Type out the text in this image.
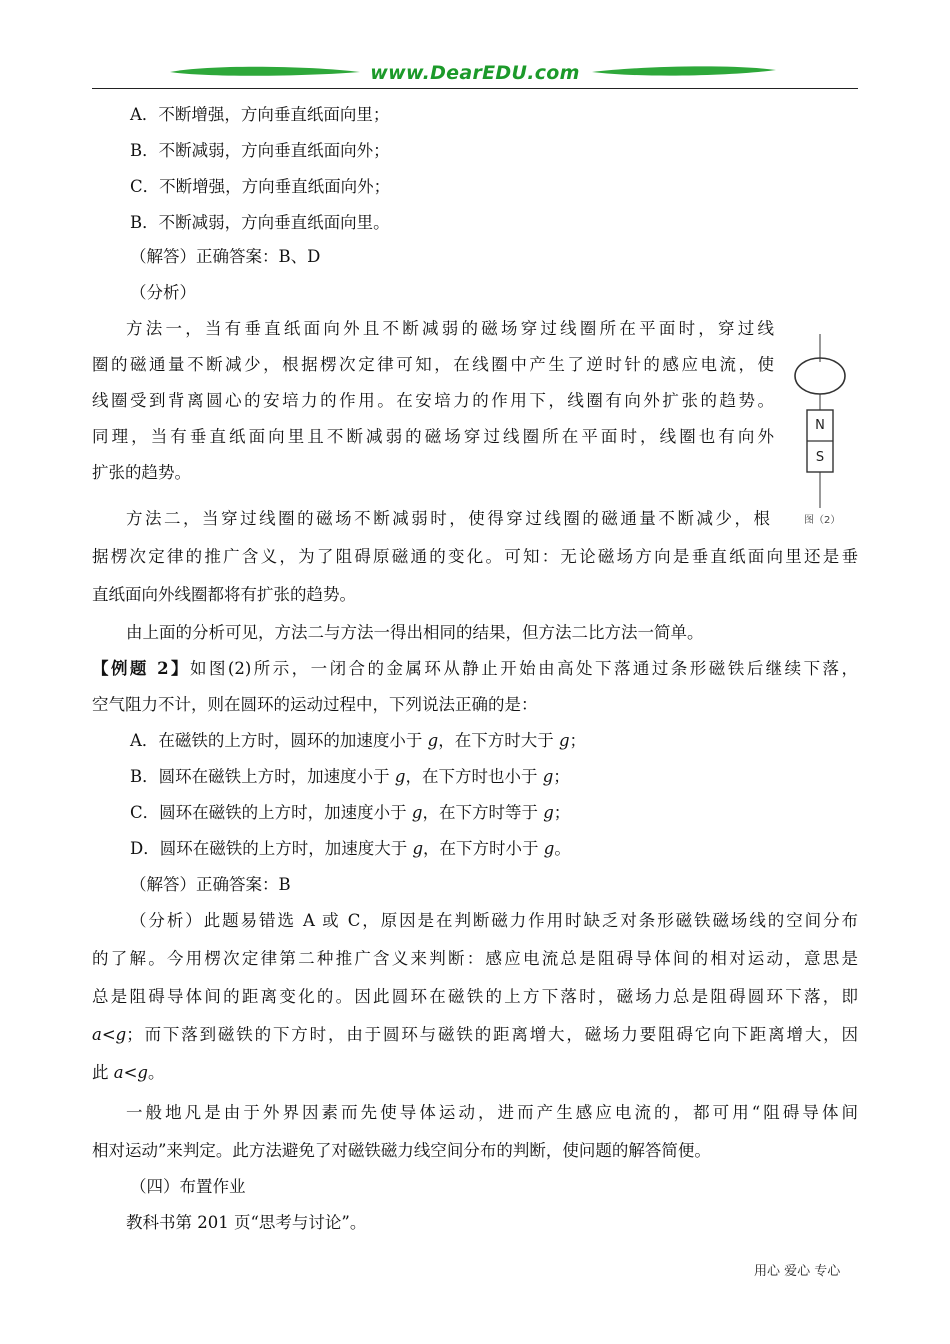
www.DearEDU.com
A．不断增强，方向垂直纸面向里；
B．不断减弱，方向垂直纸面向外；
C．不断增强，方向垂直纸面向外；
B．不断减弱，方向垂直纸面向里。
（解答）正确答案：B、D
（分析）
方法一，当有垂直纸面向外且不断减弱的磁场穿过线圈所在平面时，穿过线
圈的磁通量不断减少，根据楞次定律可知，在线圈中产生了逆时针的感应电流，使
线圈受到背离圆心的安培力的作用。在安培力的作用下，线圈有向外扩张的趋势。
同理，当有垂直纸面向里且不断减弱的磁场穿过线圈所在平面时，线圈也有向外
扩张的趋势。
方法二，当穿过线圈的磁场不断减弱时，使得穿过线圈的磁通量不断减少，根
据楞次定律的推广含义，为了阻碍原磁通的变化。可知：无论磁场方向是垂直纸面向里还是垂
直纸面向外线圈都将有扩张的趋势。
由上面的分析可见，方法二与方法一得出相同的结果，但方法二比方法一简单。
【例题 2】如图(2)所示，一闭合的金属环从静止开始由高处下落通过条形磁铁后继续下落，
空气阻力不计，则在圆环的运动过程中，下列说法正确的是：
A．在磁铁的上方时，圆环的加速度小于 g，在下方时大于 g；
B．圆环在磁铁上方时，加速度小于 g，在下方时也小于 g；
C．圆环在磁铁的上方时，加速度小于 g，在下方时等于 g；
D．圆环在磁铁的上方时，加速度大于 g，在下方时小于 g。
（解答）正确答案：B
（分析）此题易错选 A 或 C，原因是在判断磁力作用时缺乏对条形磁铁磁场线的空间分布
的了解。今用楞次定律第二种推广含义来判断：感应电流总是阻碍导体间的相对运动，意思是
总是阻碍导体间的距离变化的。因此圆环在磁铁的上方下落时，磁场力总是阻碍圆环下落，即
a<g；而下落到磁铁的下方时，由于圆环与磁铁的距离增大，磁场力要阻碍它向下距离增大，因
此 a<g。
一般地凡是由于外界因素而先使导体运动，进而产生感应电流的，都可用“阻碍导体间
相对运动”来判定。此方法避免了对磁铁磁力线空间分布的判断，使问题的解答简便。
（四）布置作业
教科书第 201 页“思考与讨论”。
N
S
图（2）
用心 爱心 专心
